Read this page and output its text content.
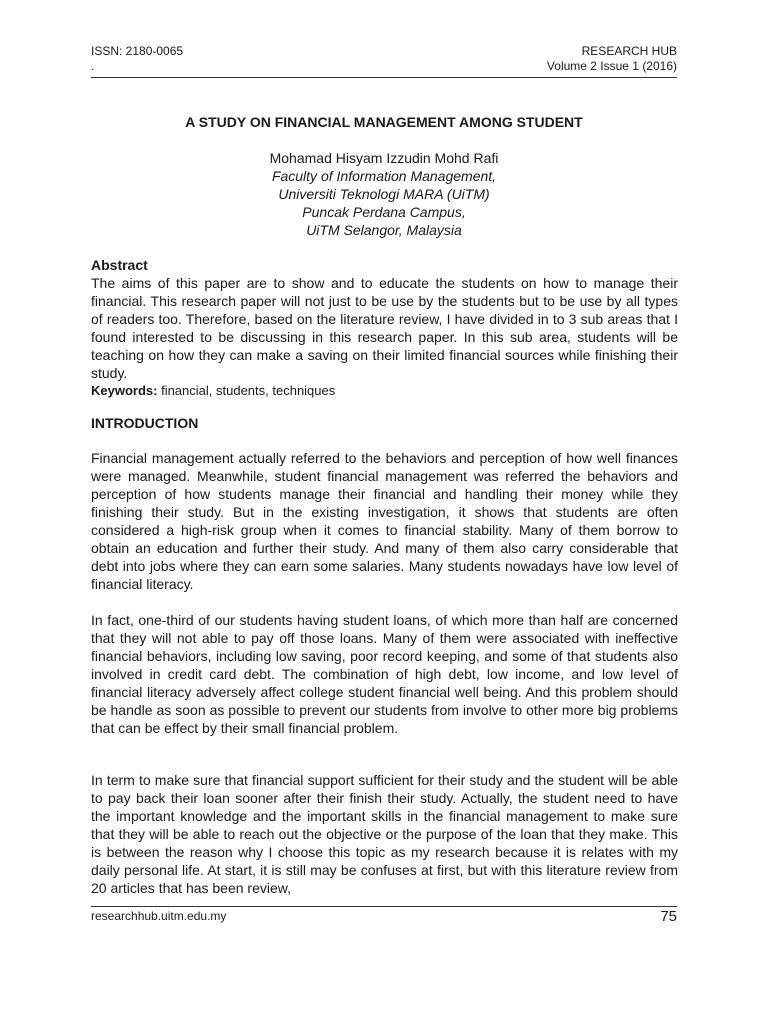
ISSN: 2180-0065
.
RESEARCH HUB
Volume 2 Issue 1 (2016)
A STUDY ON FINANCIAL MANAGEMENT AMONG STUDENT
Mohamad Hisyam Izzudin Mohd Rafi
Faculty of Information Management,
Universiti Teknologi MARA (UiTM)
Puncak Perdana Campus,
UiTM Selangor, Malaysia
Abstract

The aims of this paper are to show and to educate the students on how to manage their financial. This research paper will not just to be use by the students but to be use by all types of readers too. Therefore, based on the literature review, I have divided in to 3 sub areas that I found interested to be discussing in this research paper. In this sub area, students will be teaching on how they can make a saving on their limited financial sources while finishing their study.

Keywords: financial, students, techniques
INTRODUCTION

Financial management actually referred to the behaviors and perception of how well finances were managed. Meanwhile, student financial management was referred the behaviors and perception of how students manage their financial and handling their money while they finishing their study. But in the existing investigation, it shows that students are often considered a high-risk group when it comes to financial stability. Many of them borrow to obtain an education and further their study. And many of them also carry considerable that debt into jobs where they can earn some salaries. Many students nowadays have low level of financial literacy.

In fact, one-third of our students having student loans, of which more than half are concerned that they will not able to pay off those loans. Many of them were associated with ineffective financial behaviors, including low saving, poor record keeping, and some of that students also involved in credit card debt. The combination of high debt, low income, and low level of financial literacy adversely affect college student financial well being. And this problem should be handle as soon as possible to prevent our students from involve to other more big problems that can be effect by their small financial problem.

In term to make sure that financial support sufficient for their study and the student will be able to pay back their loan sooner after their finish their study. Actually, the student need to have the important knowledge and the important skills in the financial management to make sure that they will be able to reach out the objective or the purpose of the loan that they make. This is between the reason why I choose this topic as my research because it is relates with my daily personal life. At start, it is still may be confuses at first, but with this literature review from 20 articles that has been review,

researchhub.uitm.edu.my	75
